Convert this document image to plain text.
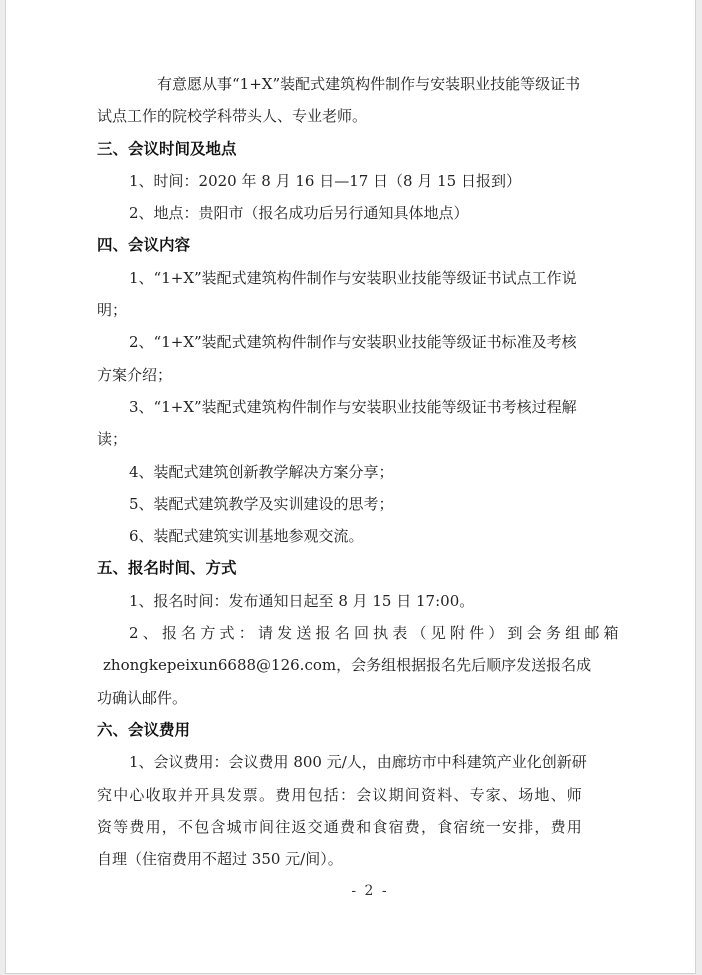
有意愿从事“1+X”装配式建筑构件制作与安装职业技能等级证书
试点工作的院校学科带头人、专业老师。
三、会议时间及地点
1、时间：2020 年 8 月 16 日—17 日（8 月 15 日报到）
2、地点：贵阳市（报名成功后另行通知具体地点）
四、会议内容
1、“1+X”装配式建筑构件制作与安装职业技能等级证书试点工作说
明；
2、“1+X”装配式建筑构件制作与安装职业技能等级证书标准及考核
方案介绍；
3、“1+X”装配式建筑构件制作与安装职业技能等级证书考核过程解
读；
4、装配式建筑创新教学解决方案分享；
5、装配式建筑教学及实训建设的思考；
6、装配式建筑实训基地参观交流。
五、报名时间、方式
1、报名时间：发布通知日起至 8 月 15 日 17:00。
2、报名方式：请发送报名回执表（见附件）到会务组邮箱
zhongkepeixun6688@126.com，会务组根据报名先后顺序发送报名成
功确认邮件。
六、会议费用
1、会议费用：会议费用 800 元/人，由廊坊市中科建筑产业化创新研
究中心收取并开具发票。费用包括：会议期间资料、专家、场地、师
资等费用，不包含城市间往返交通费和食宿费，食宿统一安排，费用
自理（住宿费用不超过 350 元/间）。
- 2 -
